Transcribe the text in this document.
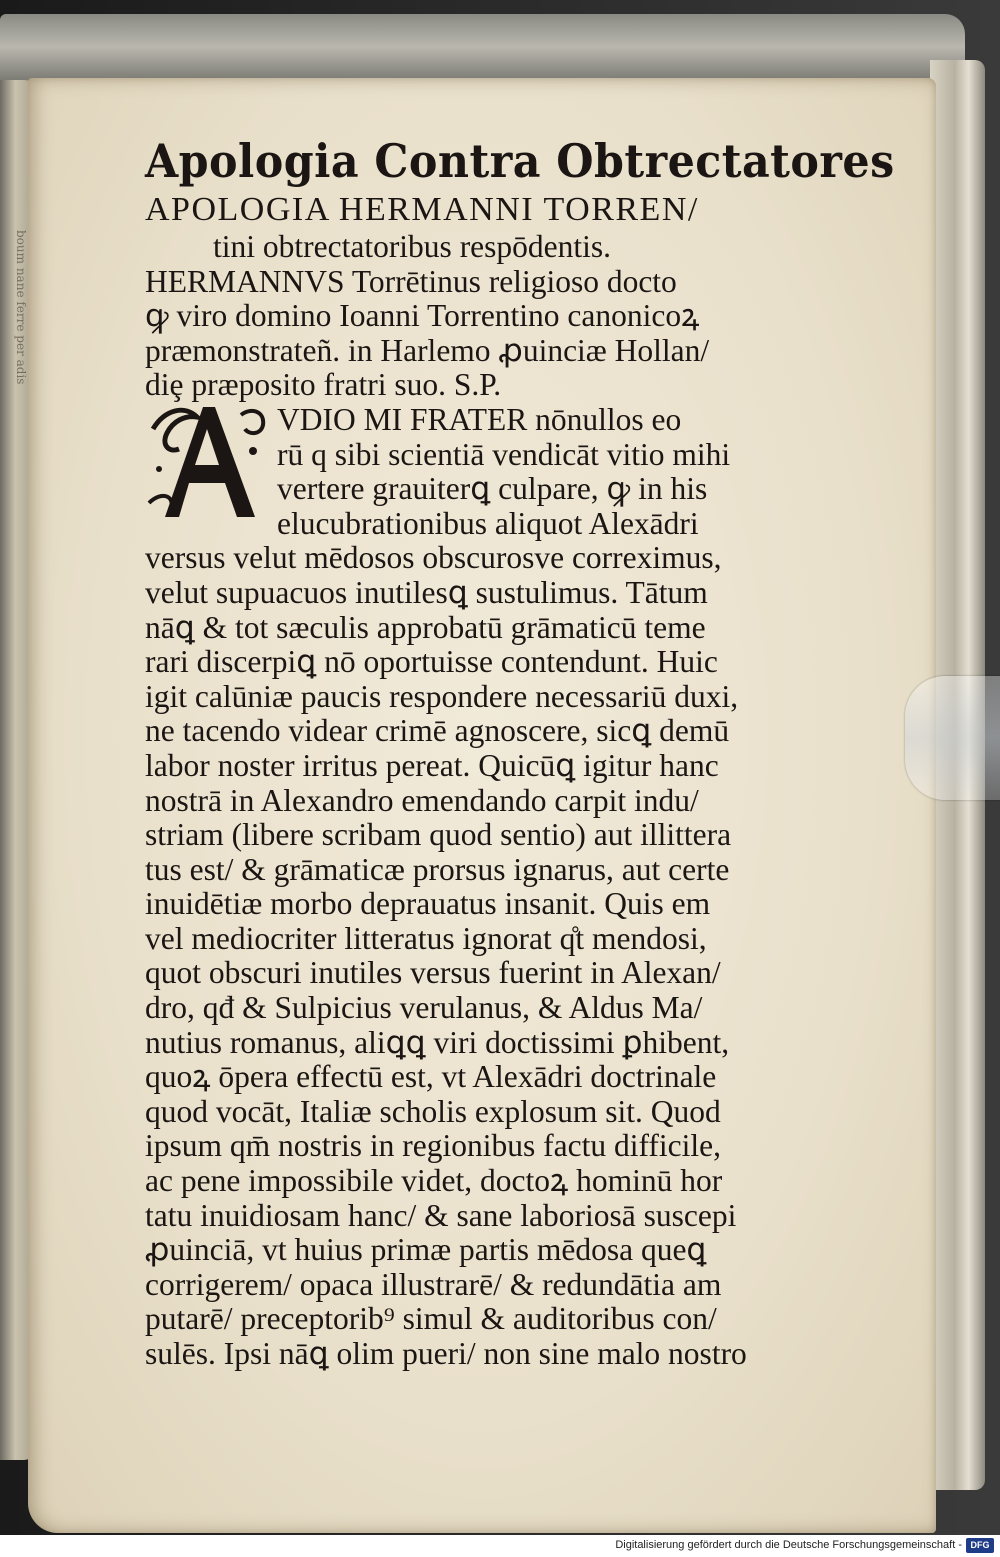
boum nane ferre per adis
Apologia Contra Obtrectatores
APOLOGIA HERMANNI TORREN/
tini obtrectatoribus respōdentis.
HERMANNVS Torrētinus religioso docto
ꝙ viro domino Ioanni Torrentino canonicoꝝ
præmonstrateñ. in Harlemo ꝓuinciæ Hollan/
diȩ præposito fratri suo. S.P.
VDIO MI FRATER nōnullos eo
rū q sibi scientiā vendicāt vitio mihi
vertere grauiterꝗ culpare, ꝙ in his
elucubrationibus aliquot Alexādri
versus velut mēdosos obscurosve correximus,
velut supuacuos inutilesꝗ sustulimus. Tātum
nāꝗ & tot sæculis approbatū grāmaticū teme
rari discerpiꝗ nō oportuisse contendunt. Huic
igit calūniæ paucis respondere necessariū duxi,
ne tacendo videar crimē agnoscere, sicꝗ demū
labor noster irritus pereat. Quicūꝗ igitur hanc
nostrā in Alexandro emendando carpit indu/
striam (libere scribam quod sentio) aut illittera
tus est/ & grāmaticæ prorsus ignarus, aut certe
inuidētiæ morbo deprauatus insanit. Quis em
vel mediocriter litteratus ignorat q̊t mendosi,
quot obscuri inutiles versus fuerint in Alexan/
dro, qđ & Sulpicius verulanus, & Aldus Ma/
nutius romanus, aliꝗꝗ viri doctissimi ꝑhibent,
quoꝝ ōpera effectū est, vt Alexādri doctrinale
quod vocāt, Italiæ scholis explosum sit. Quod
ipsum qm̄ nostris in regionibus factu difficile,
ac pene impossibile videt, doctoꝝ hominū hor
tatu inuidiosam hanc/ & sane laboriosā suscepi
ꝓuinciā, vt huius primæ partis mēdosa queꝗ
corrigerem/ opaca illustrarē/ & redundātia am
putarē/ preceptorib⁹ simul & auditoribus con/
sulēs. Ipsi nāꝗ olim pueri/ non sine malo nostro
Digitalisierung gefördert durch die Deutsche Forschungsgemeinschaft - DFG
